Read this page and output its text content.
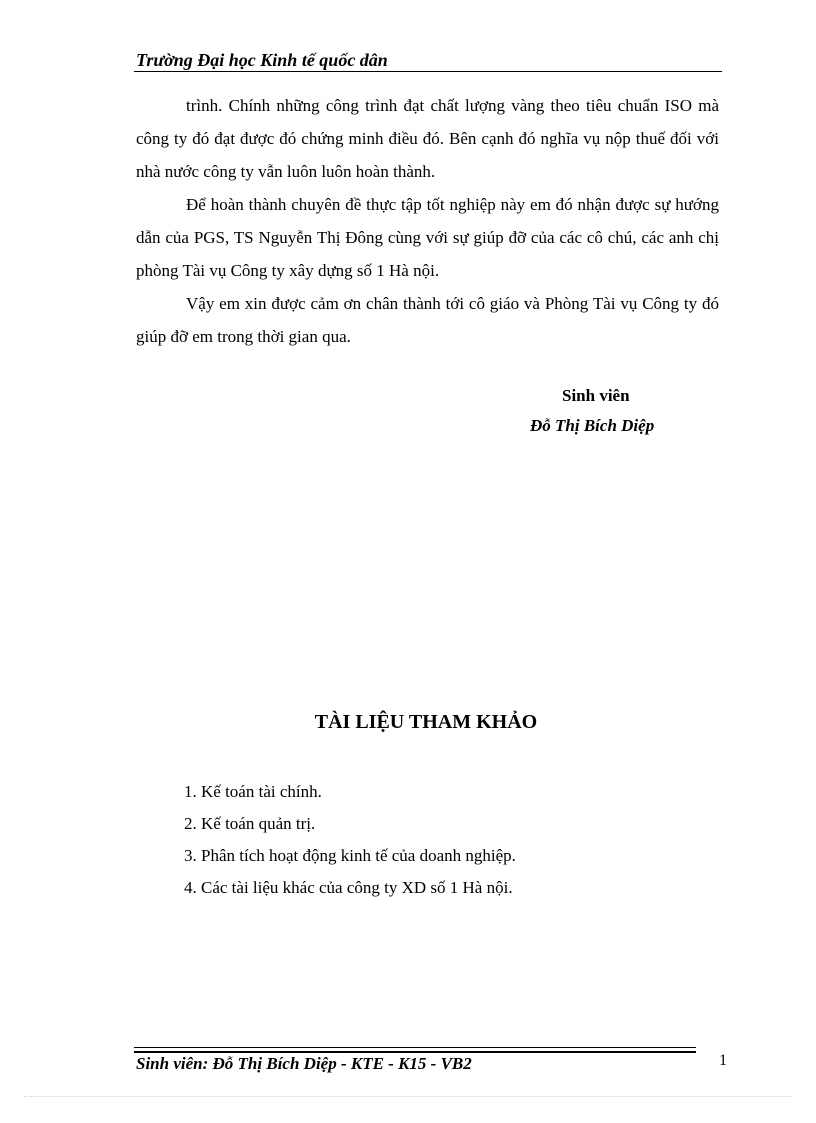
Trường Đại học Kinh tế quốc dân

trình. Chính những công trình đạt chất lượng vàng theo tiêu chuẩn ISO mà công ty đó đạt được đó chứng minh điều đó. Bên cạnh đó nghĩa vụ nộp thuế đối với nhà nước công ty vẫn luôn luôn hoàn thành.

Để hoàn thành chuyên đề thực tập tốt nghiệp này em đó nhận được sự hướng dẫn của PGS, TS Nguyễn Thị Đông cùng với sự giúp đỡ của các cô chú, các anh chị phòng Tài vụ Công ty xây dựng số 1 Hà nội.

Vậy em xin được cảm ơn chân thành tới cô giáo và Phòng Tài vụ Công ty đó giúp đỡ em trong thời gian qua.

Sinh viên
Đỗ Thị Bích Diệp
TÀI LIỆU THAM KHẢO
1. Kế toán tài chính.
2. Kế toán quản trị.
3. Phân tích hoạt động kinh tế của doanh nghiệp.
4. Các tài liệu khác của công ty XD số 1 Hà nội.
Sinh viên: Đỗ Thị Bích Diệp - KTE - K15 - VB2	1
